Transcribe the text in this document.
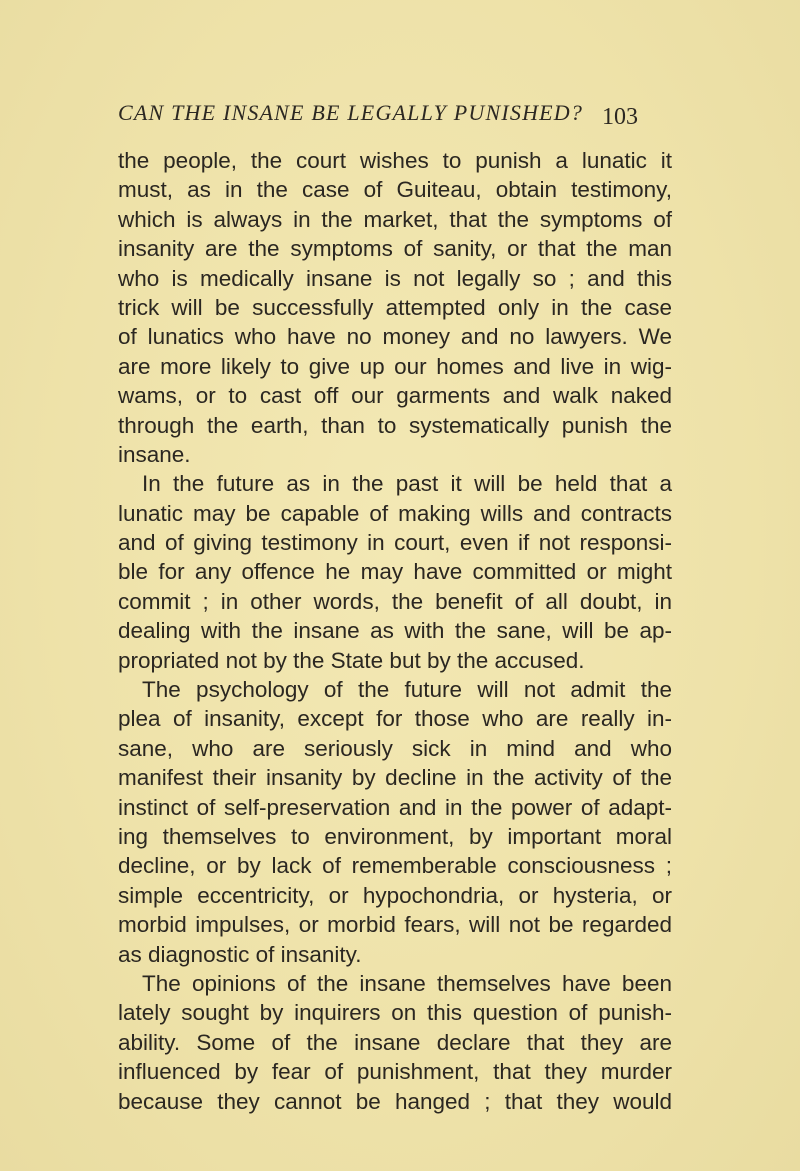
CAN THE INSANE BE LEGALLY PUNISHED? 103
the people, the court wishes to punish a lunatic it
must, as in the case of Guiteau, obtain testimony,
which is always in the market, that the symptoms of
insanity are the symptoms of sanity, or that the man
who is medically insane is not legally so ; and this
trick will be successfully attempted only in the case
of lunatics who have no money and no lawyers. We
are more likely to give up our homes and live in wig-
wams, or to cast off our garments and walk naked
through the earth, than to systematically punish the
insane.
In the future as in the past it will be held that a
lunatic may be capable of making wills and contracts
and of giving testimony in court, even if not responsi-
ble for any offence he may have committed or might
commit ; in other words, the benefit of all doubt, in
dealing with the insane as with the sane, will be ap-
propriated not by the State but by the accused.
The psychology of the future will not admit the
plea of insanity, except for those who are really in-
sane, who are seriously sick in mind and who
manifest their insanity by decline in the activity of the
instinct of self-preservation and in the power of adapt-
ing themselves to environment, by important moral
decline, or by lack of rememberable consciousness ;
simple eccentricity, or hypochondria, or hysteria, or
morbid impulses, or morbid fears, will not be regarded
as diagnostic of insanity.
The opinions of the insane themselves have been
lately sought by inquirers on this question of punish-
ability. Some of the insane declare that they are
influenced by fear of punishment, that they murder
because they cannot be hanged ; that they would
